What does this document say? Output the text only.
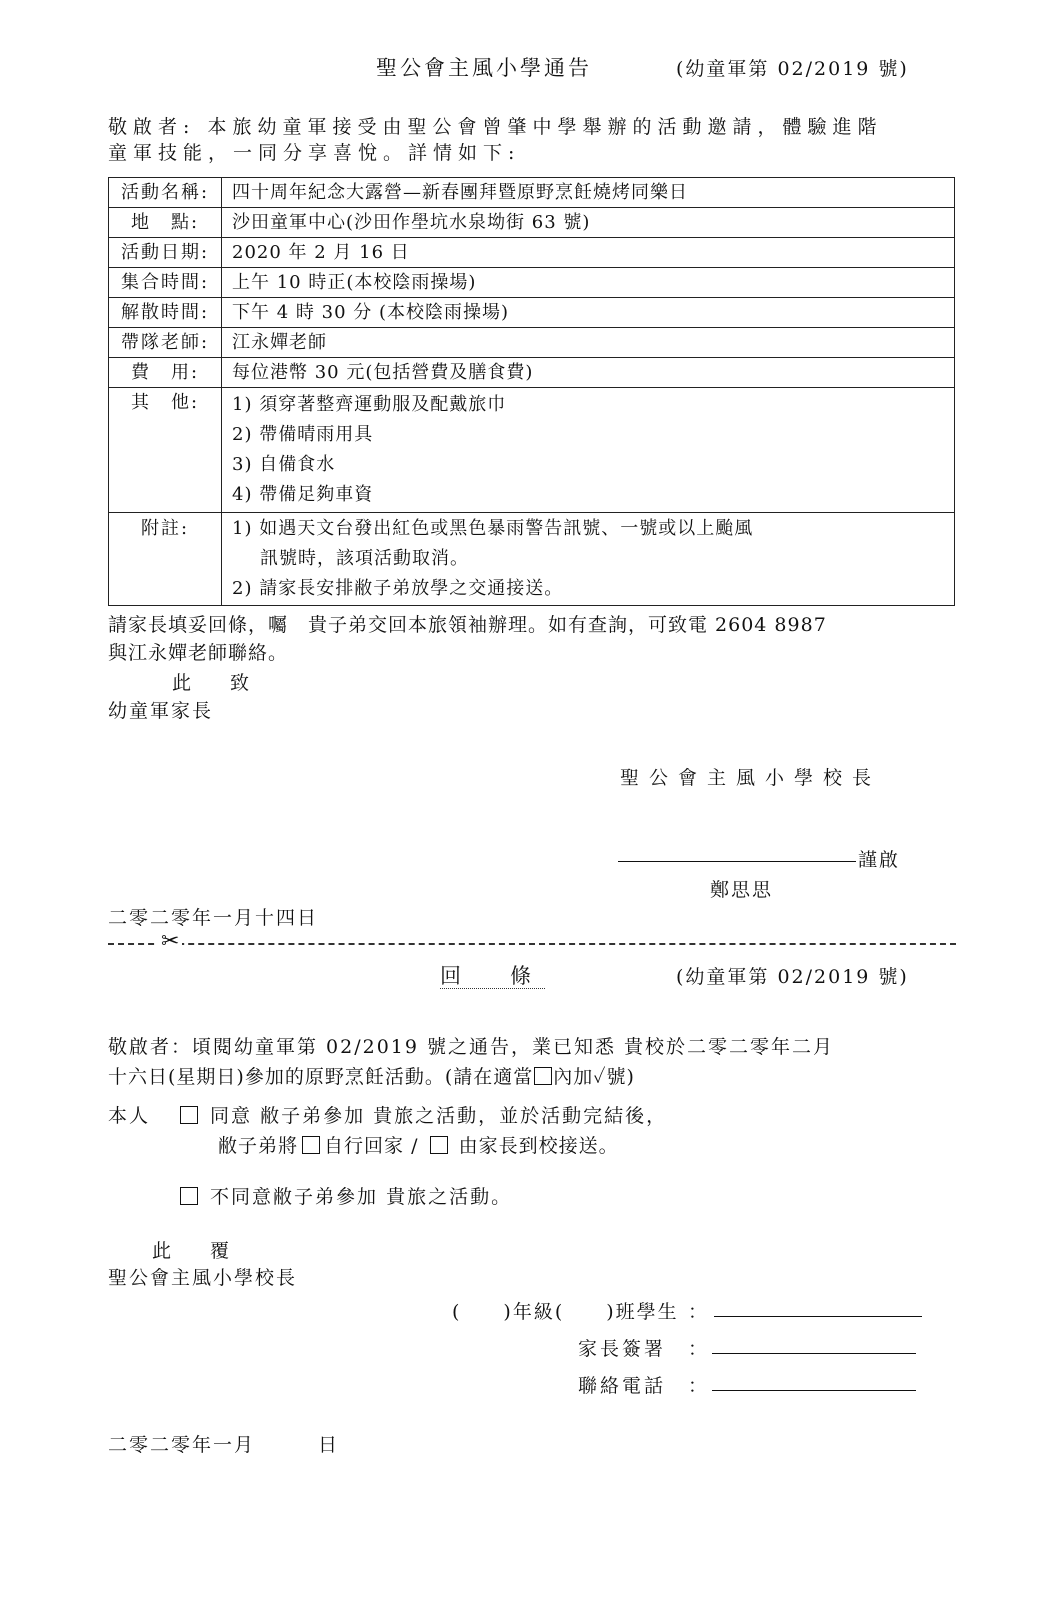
聖公會主風小學通告	(幼童軍第 02/2019 號)
敬啟者: 本旅幼童軍接受由聖公會曾肇中學舉辦的活動邀請，體驗進階
童軍技能，一同分享喜悅。詳情如下:
活動名稱:	四十周年紀念大露營—新春團拜暨原野烹飪燒烤同樂日
地　點:	沙田童軍中心(沙田作壆坑水泉坳街 63 號)
活動日期:	2020 年 2 月 16 日
集合時間:	上午 10 時正(本校陰雨操場)
解散時間:	下午 4 時 30 分 (本校陰雨操場)
帶隊老師:	江永嬋老師
費　用:	每位港幣 30 元(包括營費及膳食費)
其　他:	1) 須穿著整齊運動服及配戴旅巾
2) 帶備晴雨用具
3) 自備食水
4) 帶備足夠車資

附註:	1) 如遇天文台發出紅色或黑色暴雨警告訊號、一號或以上颱風
訊號時，該項活動取消。
2) 請家長安排敝子弟放學之交通接送。
請家長填妥回條，囑　貴子弟交回本旅領袖辦理。如有查詢，可致電 2604 8987
與江永嬋老師聯絡。
此　致
幼童軍家長
聖公會主風小學校長
謹啟
鄭思思
二零二零年一月十四日
✂
回　條	(幼童軍第 02/2019 號)
敬啟者：頃閱幼童軍第 02/2019 號之通告，業已知悉 貴校於二零二零年二月
十六日(星期日)參加的原野烹飪活動。(請在適當 內加✓號)
本人	同意 敝子弟參加 貴旅之活動，並於活動完結後，
敝子弟將 自行回家 / 由家長到校接送。
不同意敝子弟參加 貴旅之活動。
此　覆
聖公會主風小學校長
(　　)年級(　　)班學生 ：
家長簽署 ：
聯絡電話 ：
二零二零年一月　　　日
